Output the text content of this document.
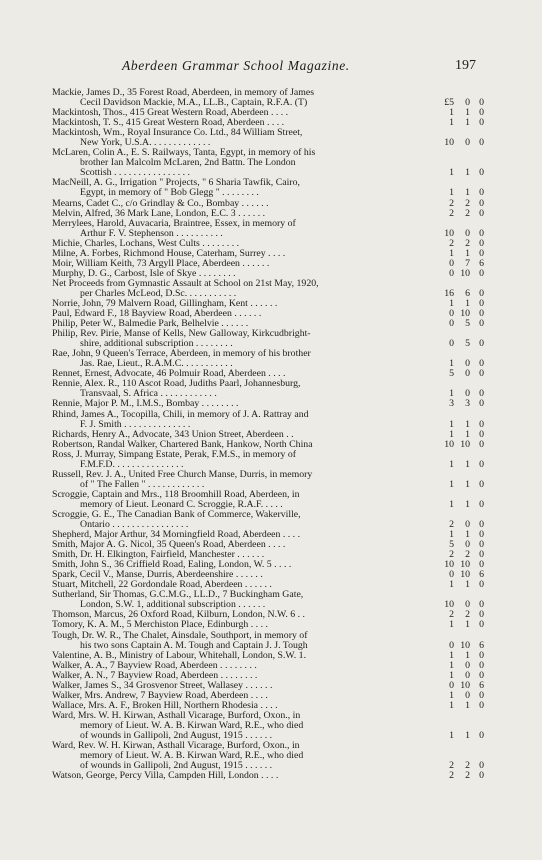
Aberdeen Grammar School Magazine.	197

Mackie, James D., 35 Forest Road, Aberdeen, in memory of James
Cecil Davidson Mackie, M.A., LL.B., Captain, R.F.A. (T)	£5	0 0

Mackintosh, Thos., 415 Great Western Road, Aberdeen . . . .	1	1 0

Mackintosh, T. S., 415 Great Western Road, Aberdeen . . . .	1	1 0

Mackintosh, Wm., Royal Insurance Co. Ltd., 84 William Street,
New York, U.S.A. . . . . . . . . . . . .	10	0 0

McLaren, Colin A., E. S. Railways, Tanta, Egypt, in memory of his
brother Ian Malcolm McLaren, 2nd Battn. The London
Scottish . . . . . . . . . . . . . . . .	1	1 0

MacNeill, A. G., Irrigation " Projects, " 6 Sharia Tawfik, Cairo,
Egypt, in memory of " Bob Glegg " . . . . . . . .	1	1 0

Mearns, Cadet C., c/o Grindlay & Co., Bombay . . . . . .	2	2 0

Melvin, Alfred, 36 Mark Lane, London, E.C. 3 . . . . . .	2	2 0

Merrylees, Harold, Auvacaria, Braintree, Essex, in memory of
Arthur F. V. Stephenson . . . . . . . . . .	10	0 0

Michie, Charles, Lochans, West Cults . . . . . . . .	2	2 0

Milne, A. Forbes, Richmond House, Caterham, Surrey . . . .	1	1 0

Moir, William Keith, 73 Argyll Place, Aberdeen . . . . . .	0	7 6

Murphy, D. G., Carbost, Isle of Skye . . . . . . . .	0 10 0

Net Proceeds from Gymnastic Assault at School on 21st May, 1920,
per Charles McLeod, D.Sc. . . . . . . . . . .	16	6 0

Norrie, John, 79 Malvern Road, Gillingham, Kent . . . . . .	1	1 0

Paul, Edward F., 18 Bayview Road, Aberdeen . . . . . .	0 10 0

Philip, Peter W., Balmedie Park, Belhelvie . . . . . .	0	5 0

Philip, Rev. Pirie, Manse of Kells, New Galloway, Kirkcudbright-
shire, additional subscription . . . . . . . .	0	5 0

Rae, John, 9 Queen's Terrace, Aberdeen, in memory of his brother
Jas. Rae, Lieut., R.A.M.C. . . . . . . . . . .	1	0 0

Rennet, Ernest, Advocate, 46 Polmuir Road, Aberdeen . . . .	5	0 0

Rennie, Alex. R., 110 Ascot Road, Judiths Paarl, Johannesburg,
Transvaal, S. Africa . . . . . . . . . . . .	1	0 0

Rennie, Major P. M., I.M.S., Bombay . . . . . . . .	3	3 0

Rhind, James A., Tocopilla, Chili, in memory of J. A. Rattray and
F. J. Smith . . . . . . . . . . . . . .	1	1 0

Richards, Henry A., Advocate, 343 Union Street, Aberdeen . .	1	1 0

Robertson, Randal Walker, Chartered Bank, Hankow, North China	10 10 0

Ross, J. Murray, Simpang Estate, Perak, F.M.S., in memory of
F.M.F.D. . . . . . . . . . . . . . .	1	1 0

Russell, Rev. J. A., United Free Church Manse, Durris, in memory
of " The Fallen " . . . . . . . . . . . .	1	1 0

Scroggie, Captain and Mrs., 118 Broomhill Road, Aberdeen, in
memory of Lieut. Leonard C. Scroggie, R.A.F. . . . .	1	1 0

Scroggie, G. E., The Canadian Bank of Commerce, Wakerville,
Ontario . . . . . . . . . . . . . . . .	2	0 0

Shepherd, Major Arthur, 34 Morningfield Road, Aberdeen . . . .	1	1 0

Smith, Major A. G. Nicol, 35 Queen's Road, Aberdeen . . . .	5	0 0

Smith, Dr. H. Elkington, Fairfield, Manchester . . . . . .	2	2 0

Smith, John S., 36 Criffield Road, Ealing, London, W. 5 . . . .	10 10 0

Spark, Cecil V., Manse, Durris, Aberdeenshire . . . . . .	0 10 6

Stuart, Mitchell, 22 Gordondale Road, Aberdeen . . . . . .	1	1 0

Sutherland, Sir Thomas, G.C.M.G., LL.D., 7 Buckingham Gate,
London, S.W. 1, additional subscription . . . . . .	10	0 0

Thomson, Marcus, 26 Oxford Road, Kilburn, London, N.W. 6 . .	2	2 0

Tomory, K. A. M., 5 Merchiston Place, Edinburgh . . . .	1	1 0

Tough, Dr. W. R., The Chalet, Ainsdale, Southport, in memory of
his two sons Captain A. M. Tough and Captain J. J. Tough	0 10 6

Valentine, A. B., Ministry of Labour, Whitehall, London, S.W. 1.	1	1 0

Walker, A. A., 7 Bayview Road, Aberdeen . . . . . . . .	1	0 0

Walker, A. N., 7 Bayview Road, Aberdeen . . . . . . . .	1	0 0

Walker, James S., 34 Grosvenor Street, Wallasey . . . . . .	0 10 6

Walker, Mrs. Andrew, 7 Bayview Road, Aberdeen . . . .	1	0 0

Wallace, Mrs. A. F., Broken Hill, Northern Rhodesia . . . .	1	1 0

Ward, Mrs. W. H. Kirwan, Asthall Vicarage, Burford, Oxon., in
memory of Lieut. W. A. B. Kirwan Ward, R.E., who died
of wounds in Gallipoli, 2nd August, 1915 . . . . . .	1	1 0

Ward, Rev. W. H. Kirwan, Asthall Vicarage, Burford, Oxon., in
memory of Lieut. W. A. B. Kirwan Ward, R.E., who died
of wounds in Gallipoli, 2nd August, 1915 . . . . . .	2	2 0

Watson, George, Percy Villa, Campden Hill, London . . . .	2	2 0
